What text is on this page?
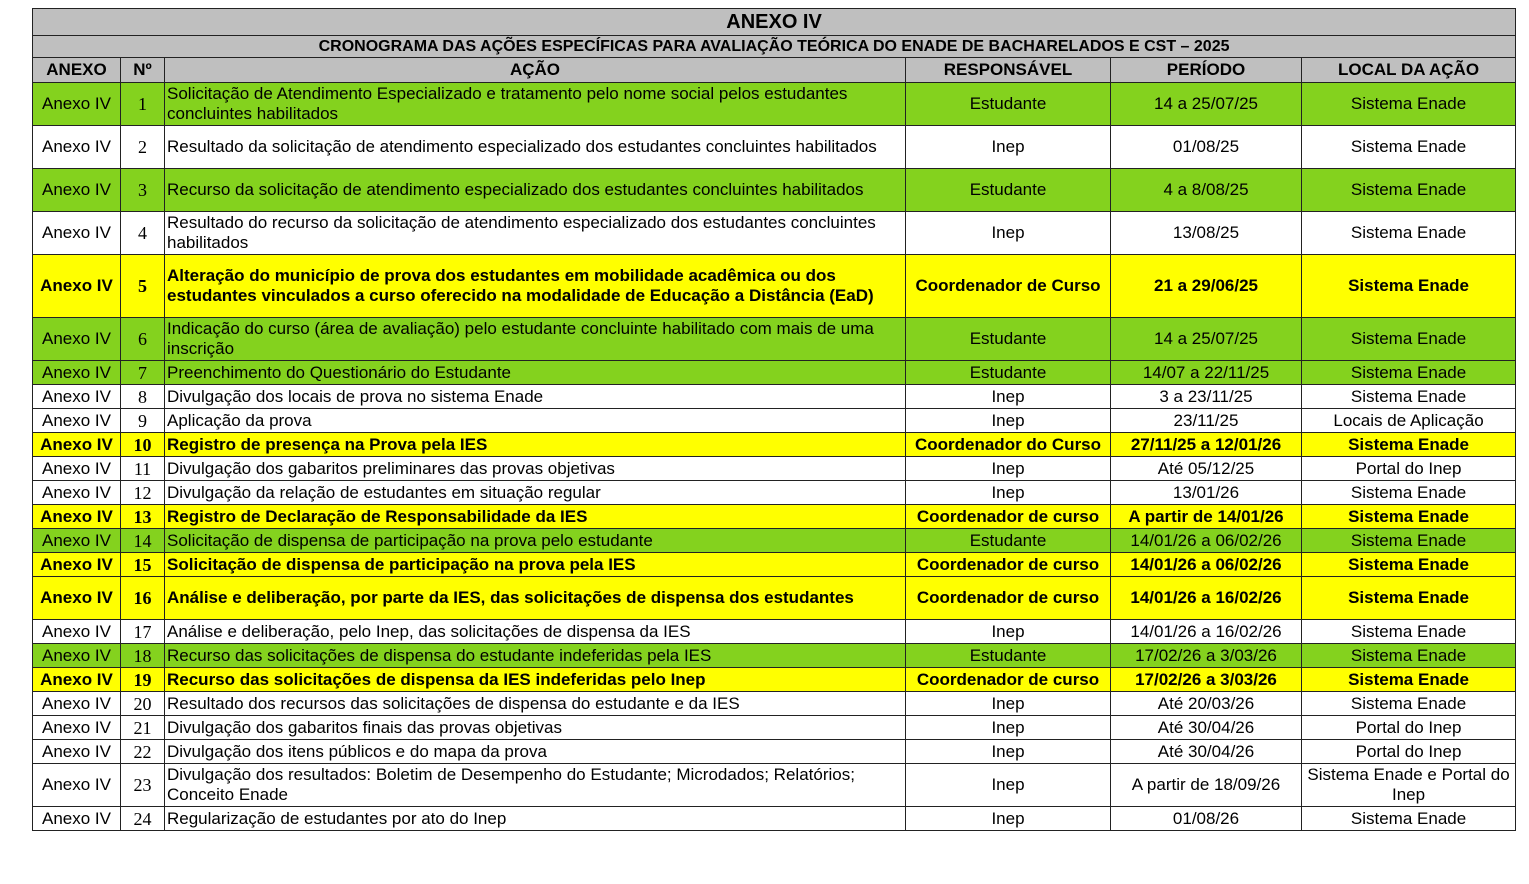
ANEXO IV					
CRONOGRAMA DAS AÇÕES ESPECÍFICAS PARA AVALIAÇÃO TEÓRICA DO ENADE DE BACHARELADOS E CST – 2025					
ANEXO	Nº	AÇÃO	RESPONSÁVEL	PERÍODO	LOCAL DA AÇÃO
Anexo IV	1	Solicitação de Atendimento Especializado e tratamento pelo nome social pelos estudantes concluintes habilitados	Estudante	14 a 25/07/25	Sistema Enade
Anexo IV	2	Resultado da solicitação de atendimento especializado dos estudantes concluintes habilitados	Inep	01/08/25	Sistema Enade
Anexo IV	3	Recurso da solicitação de atendimento especializado dos estudantes concluintes habilitados	Estudante	4 a 8/08/25	Sistema Enade
Anexo IV	4	Resultado do recurso da solicitação de atendimento especializado dos estudantes concluintes habilitados	Inep	13/08/25	Sistema Enade
Anexo IV	5	Alteração do município de prova dos estudantes em mobilidade acadêmica ou dos estudantes vinculados a curso oferecido na modalidade de Educação a Distância (EaD)	Coordenador de Curso	21 a 29/06/25	Sistema Enade
Anexo IV	6	Indicação do curso (área de avaliação) pelo estudante concluinte habilitado com mais de uma inscrição	Estudante	14 a 25/07/25	Sistema Enade
Anexo IV	7	Preenchimento do Questionário do Estudante	Estudante	14/07 a 22/11/25	Sistema Enade
Anexo IV	8	Divulgação dos locais de prova no sistema Enade	Inep	3 a 23/11/25	Sistema Enade
Anexo IV	9	Aplicação da prova	Inep	23/11/25	Locais de Aplicação
Anexo IV	10	Registro de presença na Prova pela IES	Coordenador do Curso	27/11/25 a 12/01/26	Sistema Enade
Anexo IV	11	Divulgação dos gabaritos preliminares das provas objetivas	Inep	Até 05/12/25	Portal do Inep
Anexo IV	12	Divulgação da relação de estudantes em situação regular	Inep	13/01/26	Sistema Enade
Anexo IV	13	Registro de Declaração de Responsabilidade da IES	Coordenador de curso	A partir de 14/01/26	Sistema Enade
Anexo IV	14	Solicitação de dispensa de participação na prova pelo estudante	Estudante	14/01/26 a 06/02/26	Sistema Enade
Anexo IV	15	Solicitação de dispensa de participação na prova pela IES	Coordenador de curso	14/01/26 a 06/02/26	Sistema Enade
Anexo IV	16	Análise e deliberação, por parte da IES, das solicitações de dispensa dos estudantes	Coordenador de curso	14/01/26 a 16/02/26	Sistema Enade
Anexo IV	17	Análise e deliberação, pelo Inep, das solicitações de dispensa da IES	Inep	14/01/26 a 16/02/26	Sistema Enade
Anexo IV	18	Recurso das solicitações de dispensa do estudante indeferidas pela IES	Estudante	17/02/26 a 3/03/26	Sistema Enade
Anexo IV	19	Recurso das solicitações de dispensa da IES indeferidas pelo Inep	Coordenador de curso	17/02/26 a 3/03/26	Sistema Enade
Anexo IV	20	Resultado dos recursos das solicitações de dispensa do estudante e da IES	Inep	Até 20/03/26	Sistema Enade
Anexo IV	21	Divulgação dos gabaritos finais das provas objetivas	Inep	Até 30/04/26	Portal do Inep
Anexo IV	22	Divulgação dos itens públicos e do mapa da prova	Inep	Até 30/04/26	Portal do Inep
Anexo IV	23	Divulgação dos resultados: Boletim de Desempenho do Estudante; Microdados; Relatórios; Conceito Enade	Inep	A partir de 18/09/26	Sistema Enade e Portal do Inep
Anexo IV	24	Regularização de estudantes por ato do Inep	Inep	01/08/26	Sistema Enade
